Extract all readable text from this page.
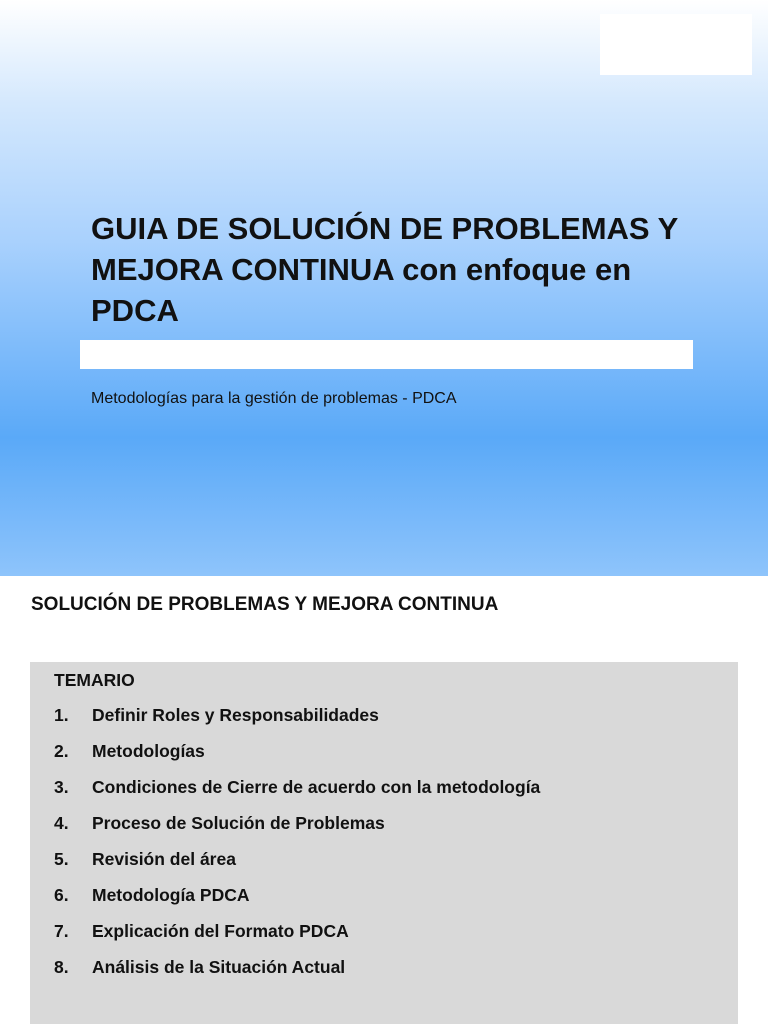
GUIA DE SOLUCIÓN DE PROBLEMAS Y MEJORA CONTINUA con enfoque en PDCA

Metodologías para la gestión de problemas - PDCA

SOLUCIÓN DE PROBLEMAS Y MEJORA CONTINUA

TEMARIO

1. Definir Roles y Responsabilidades
2. Metodologías
3. Condiciones de Cierre de acuerdo con la metodología
4. Proceso de Solución de Problemas
5. Revisión del área
6. Metodología PDCA
7. Explicación del Formato PDCA
8. Análisis de la Situación Actual
